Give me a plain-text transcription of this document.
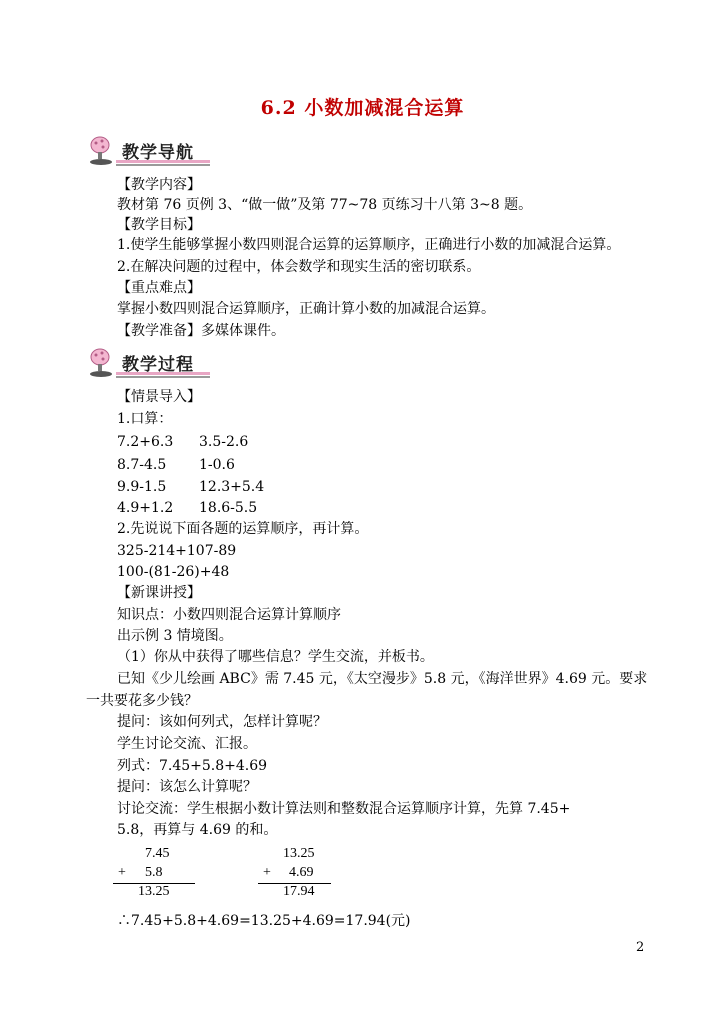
6.2 小数加减混合运算
教学导航
【教学内容】
教材第 76 页例 3、“做一做”及第 77~78 页练习十八第 3~8 题。
【教学目标】
1.使学生能够掌握小数四则混合运算的运算顺序，正确进行小数的加减混合运算。
2.在解决问题的过程中，体会数学和现实生活的密切联系。
【重点难点】
掌握小数四则混合运算顺序，正确计算小数的加减混合运算。
【教学准备】多媒体课件。
教学过程
【情景导入】
1.口算：
7.2+6.3 3.5-2.6
8.7-4.5 1-0.6
9.9-1.5 12.3+5.4
4.9+1.2 18.6-5.5
2.先说说下面各题的运算顺序，再计算。
325-214+107-89
100-(81-26)+48
【新课讲授】
知识点：小数四则混合运算计算顺序
出示例 3 情境图。
（1）你从中获得了哪些信息？学生交流，并板书。
已知《少儿绘画 ABC》需 7.45 元，《太空漫步》5.8 元，《海洋世界》4.69 元。要求
一共要花多少钱？
提问：该如何列式，怎样计算呢？
学生讨论交流、汇报。
列式：7.45+5.8+4.69
提问：该怎么计算呢？
讨论交流：学生根据小数计算法则和整数混合运算顺序计算，先算 7.45+
5.8，再算与 4.69 的和。
7.45
+ 5.8
13.25
13.25
+ 4.69
17.94
∴7.45+5.8+4.69=13.25+4.69=17.94(元)
2
